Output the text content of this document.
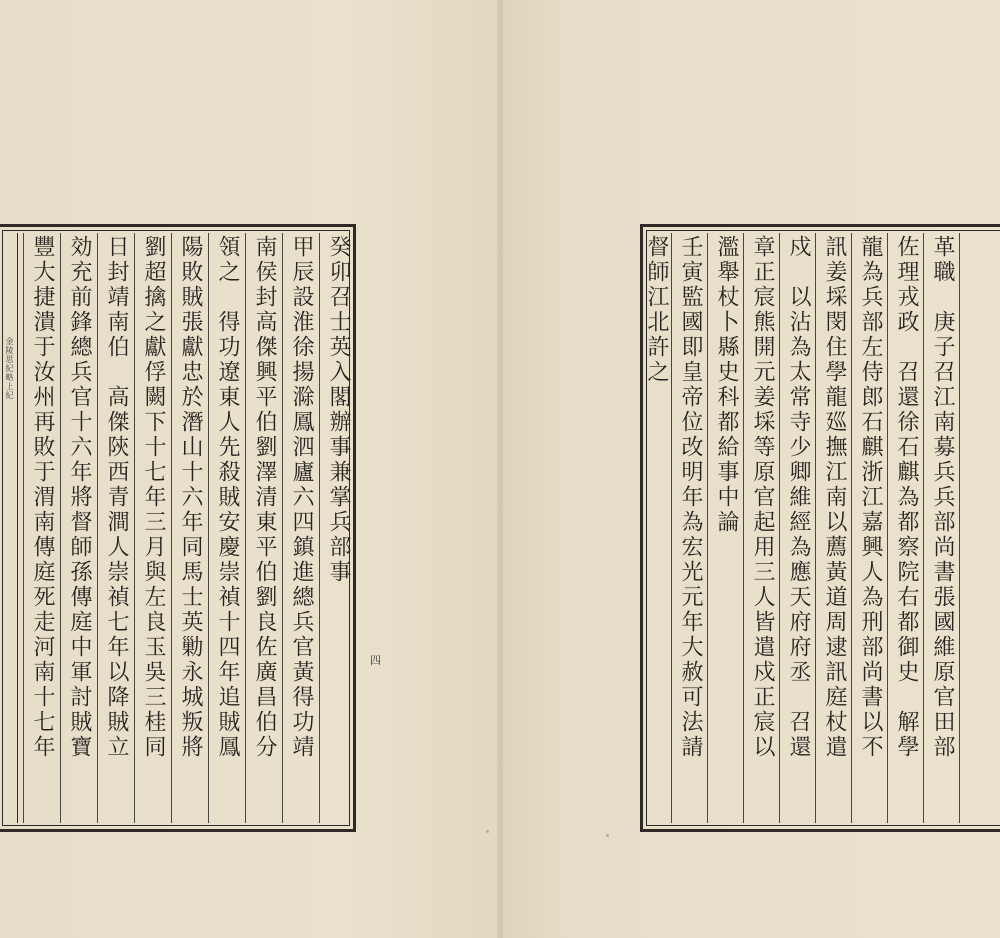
金陵思紀略上紀	癸卯召士英入閣辦事兼掌兵部事
甲辰設淮徐揚滁鳳泗廬六四鎮進總兵官黃得功靖
南侯封高傑興平伯劉澤清東平伯劉良佐廣昌伯分
領之　得功遼東人先殺賊安慶崇禎十四年追賊鳳
陽敗賊張獻忠於潛山十六年同馬士英勦永城叛將
劉超擒之獻俘闕下十七年三月與左良玉吳三桂同
日封靖南伯　高傑陝西青澗人崇禎七年以降賊立
効充前鋒總兵官十六年將督師孫傳庭中軍討賊寶
豐大捷潰于汝州再敗于渭南傳庭死走河南十七年	四	革職　庚子召江南募兵兵部尚書張國維原官田部
佐理戎政　召還徐石麒為都察院右都御史　解學
龍為兵部左侍郎石麒浙江嘉興人為刑部尚書以不
訊姜埰閔住學龍廵撫江南以薦黃道周逮訊庭杖遣
戍　以沾為太常寺少卿維經為應天府府丞　召還
章正宸熊開元姜埰等原官起用三人皆遣戍正宸以
濫舉杖卜縣史科都給事中論
壬寅監國即皇帝位改明年為宏光元年大赦可法請
督師江北許之
